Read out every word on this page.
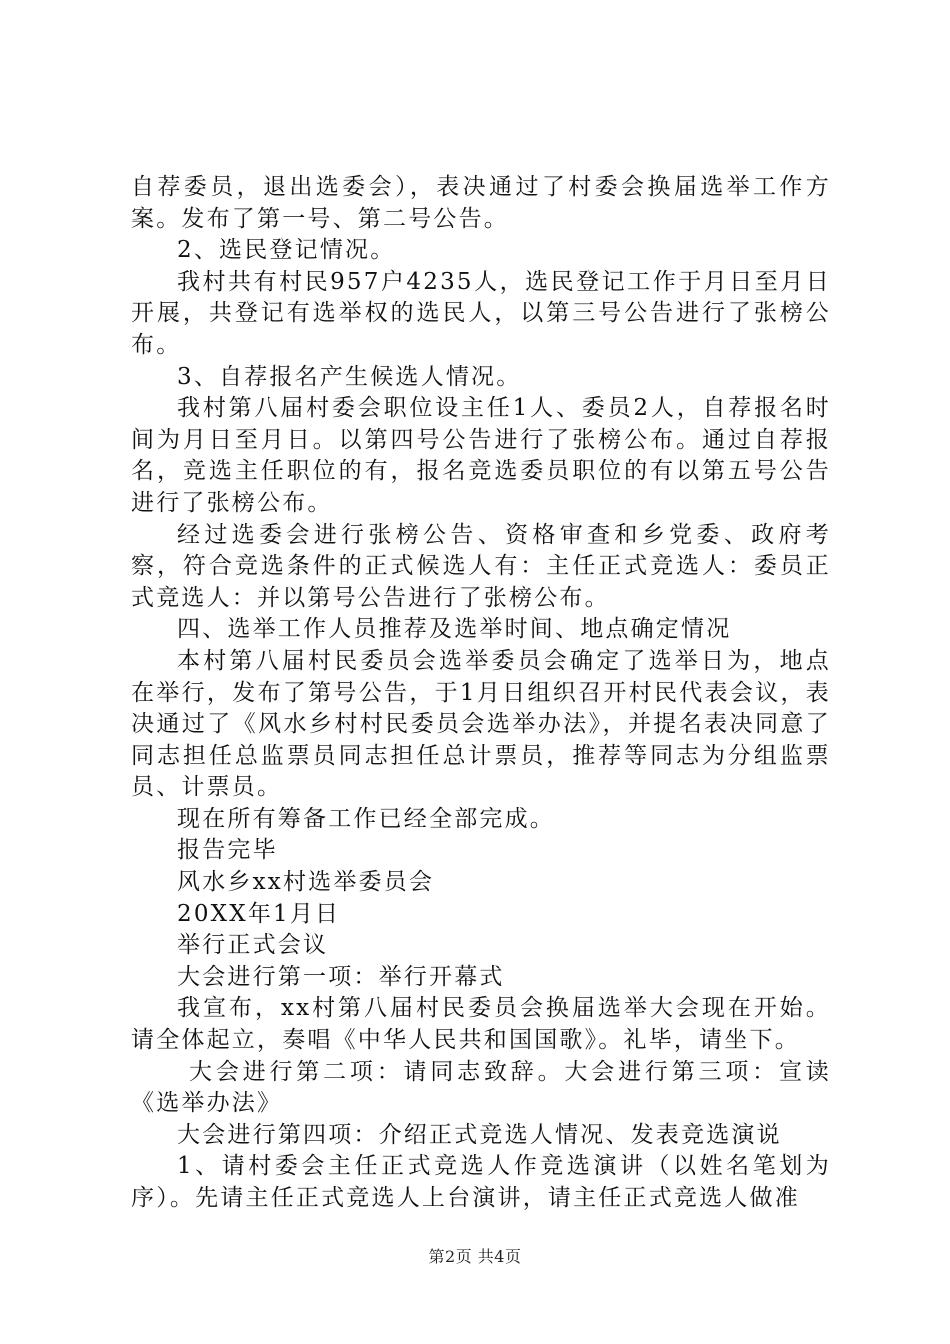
自荐委员，退出选委会），表决通过了村委会换届选举工作方案。发布了第一号、第二号公告。

2、选民登记情况。

我村共有村民957户4235人，选民登记工作于月日至月日开展，共登记有选举权的选民人，以第三号公告进行了张榜公布。

3、自荐报名产生候选人情况。

我村第八届村委会职位设主任1人、委员2人，自荐报名时间为月日至月日。以第四号公告进行了张榜公布。通过自荐报名，竞选主任职位的有，报名竞选委员职位的有以第五号公告进行了张榜公布。

经过选委会进行张榜公告、资格审查和乡党委、政府考察，符合竞选条件的正式候选人有：主任正式竞选人：委员正式竞选人：并以第号公告进行了张榜公布。

四、选举工作人员推荐及选举时间、地点确定情况

本村第八届村民委员会选举委员会确定了选举日为，地点在举行，发布了第号公告，于1月日组织召开村民代表会议，表决通过了《风水乡村村民委员会选举办法》，并提名表决同意了同志担任总监票员同志担任总计票员，推荐等同志为分组监票员、计票员。

现在所有筹备工作已经全部完成。

报告完毕

风水乡xx村选举委员会

20XX年1月日

举行正式会议

大会进行第一项：举行开幕式

我宣布，xx村第八届村民委员会换届选举大会现在开始。请全体起立，奏唱《中华人民共和国国歌》。礼毕，请坐下。

大会进行第二项：请同志致辞。大会进行第三项：宣读《选举办法》

大会进行第四项：介绍正式竞选人情况、发表竞选演说

1、请村委会主任正式竞选人作竞选演讲（以姓名笔划为序）。先请主任正式竞选人上台演讲，请主任正式竞选人做准

第2页 共4页
